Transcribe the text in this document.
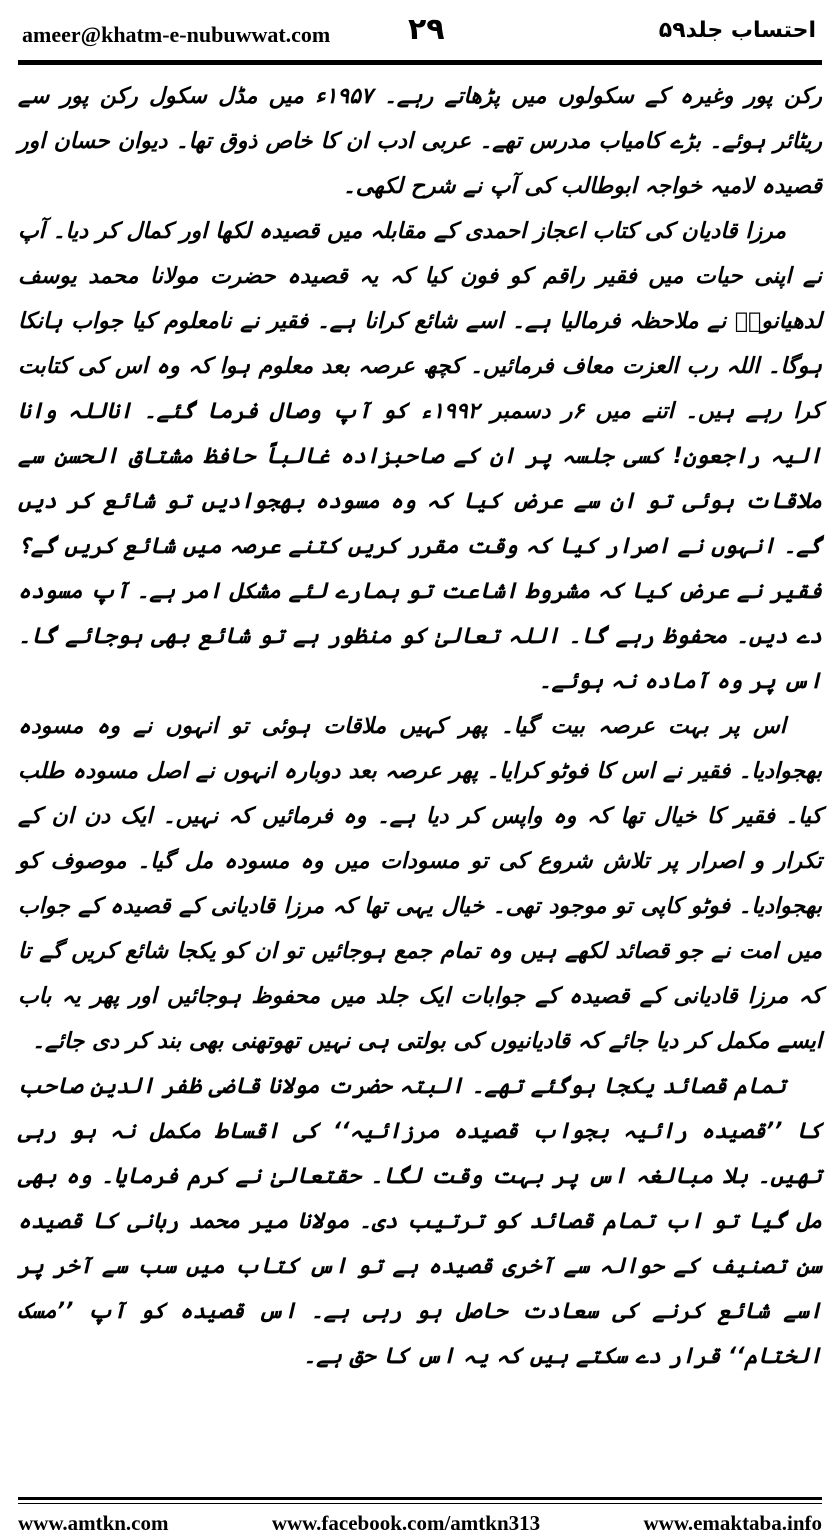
ameer@khatm-e-nubuwwat.com	۲۹	احتساب جلد۵۹

رکن پور وغیرہ کے سکولوں میں پڑھاتے رہے۔ ۱۹۵۷ء میں مڈل سکول رکن پور سے ریٹائر ہوئے۔ بڑے کامیاب مدرس تھے۔ عربی ادب ان کا خاص ذوق تھا۔ دیوان حسان اور قصیدہ لامیہ خواجہ ابوطالب کی آپ نے شرح لکھی۔

مرزا قادیان کی کتاب اعجاز احمدی کے مقابلہ میں قصیدہ لکھا اور کمال کر دیا۔ آپ نے اپنی حیات میں فقیر راقم کو فون کیا کہ یہ قصیدہ حضرت مولانا محمد یوسف لدھیانویؒ نے ملاحظہ فرمالیا ہے۔ اسے شائع کرانا ہے۔ فقیر نے نامعلوم کیا جواب ہانکا ہوگا۔ اللہ رب العزت معاف فرمائیں۔ کچھ عرصہ بعد معلوم ہوا کہ وہ اس کی کتابت کرا رہے ہیں۔ اتنے میں ۶ر دسمبر ۱۹۹۲ء کو آپ وصال فرما گئے۔ اناللہ وانا الیہ راجعون! کسی جلسہ پر ان کے صاحبزادہ غالباً حافظ مشتاق الحسن سے ملاقات ہوئی تو ان سے عرض کیا کہ وہ مسودہ بھجوادیں تو شائع کر دیں گے۔ انہوں نے اصرار کیا کہ وقت مقرر کریں کتنے عرصہ میں شائع کریں گے؟ فقیر نے عرض کیا کہ مشروط اشاعت تو ہمارے لئے مشکل امر ہے۔ آپ مسودہ دے دیں۔ محفوظ رہے گا۔ اللہ تعالیٰ کو منظور ہے تو شائع بھی ہوجائے گا۔ اس پر وہ آمادہ نہ ہوئے۔

اس پر بہت عرصہ بیت گیا۔ پھر کہیں ملاقات ہوئی تو انہوں نے وہ مسودہ بھجوادیا۔ فقیر نے اس کا فوٹو کرایا۔ پھر عرصہ بعد دوبارہ انہوں نے اصل مسودہ طلب کیا۔ فقیر کا خیال تھا کہ وہ واپس کر دیا ہے۔ وہ فرمائیں کہ نہیں۔ ایک دن ان کے تکرار و اصرار پر تلاش شروع کی تو مسودات میں وہ مسودہ مل گیا۔ موصوف کو بھجوادیا۔ فوٹو کاپی تو موجود تھی۔ خیال یہی تھا کہ مرزا قادیانی کے قصیدہ کے جواب میں امت نے جو قصائد لکھے ہیں وہ تمام جمع ہوجائیں تو ان کو یکجا شائع کریں گے تا کہ مرزا قادیانی کے قصیدہ کے جوابات ایک جلد میں محفوظ ہوجائیں اور پھر یہ باب ایسے مکمل کر دیا جائے کہ قادیانیوں کی بولتی ہی نہیں تھوتھنی بھی بند کر دی جائے۔

تمام قصائد یکجا ہوگئے تھے۔ البتہ حضرت مولانا قاضی ظفر الدین صاحب کا ’’قصیدہ رائیہ بجواب قصیدہ مرزائیہ‘‘ کی اقساط مکمل نہ ہو رہی تھیں۔ بلا مبالغہ اس پر بہت وقت لگا۔ حقتعالیٰ نے کرم فرمایا۔ وہ بھی مل گیا تو اب تمام قصائد کو ترتیب دی۔ مولانا میر محمد ربانی کا قصیدہ سن تصنیف کے حوالہ سے آخری قصیدہ ہے تو اس کتاب میں سب سے آخر پر اسے شائع کرنے کی سعادت حاصل ہو رہی ہے۔ اس قصیدہ کو آپ ’’مسک الختام‘‘ قرار دے سکتے ہیں کہ یہ اس کا حق ہے۔

www.amtkn.com	www.facebook.com/amtkn313	www.emaktaba.info
